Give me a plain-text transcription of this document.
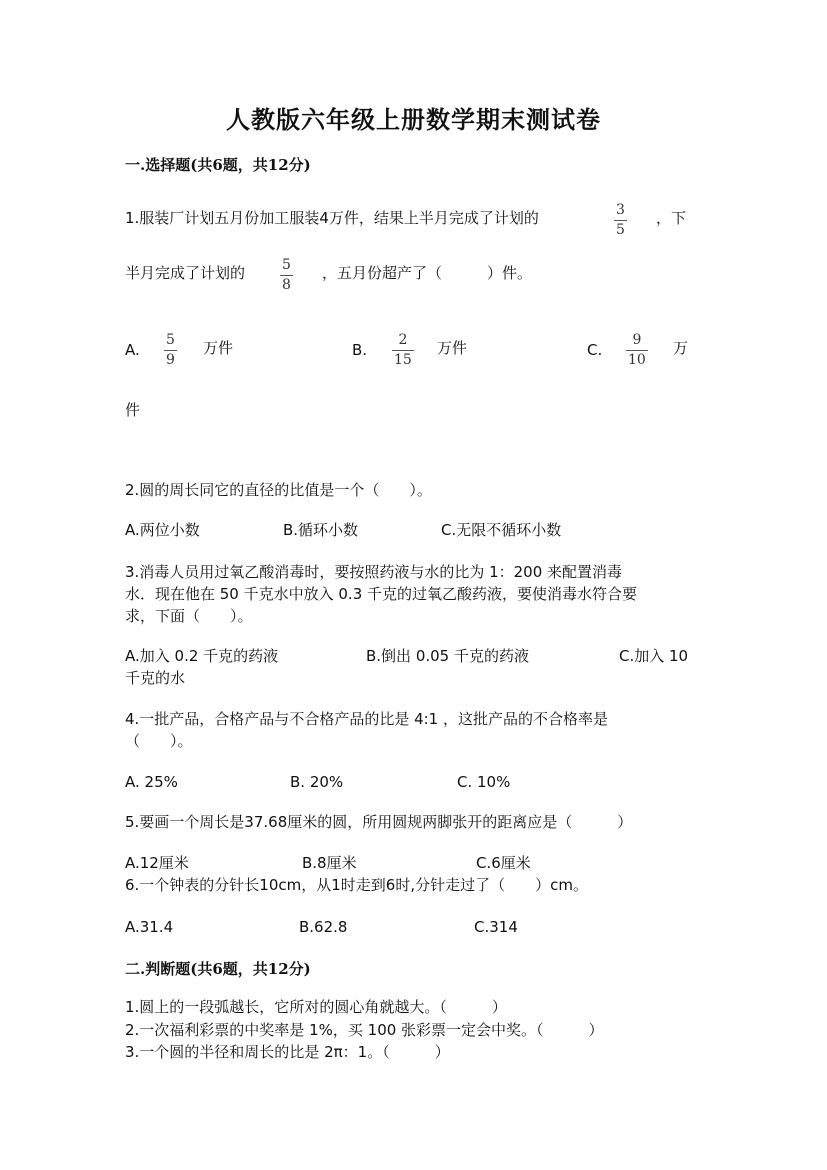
人教版六年级上册数学期末测试卷
一.选择题(共6题，共12分)
1.服装厂计划五月份加工服装4万件，结果上半月完成了计划的	3
5
，下
半月完成了计划的	5
8
，五月份超产了（　　　）件。
A.
5
9
万件	B.
2
15
万件	C.
9
10
万
件
2.圆的周长同它的直径的比值是一个（　　）。
A.两位小数	B.循环小数	C.无限不循环小数
3.消毒人员用过氧乙酸消毒时，要按照药液与水的比为 1：200 来配置消毒
水．现在他在 50 千克水中放入 0.3 千克的过氧乙酸药液，要使消毒水符合要
求，下面（　　）。
A.加入 0.2 千克的药液	B.倒出 0.05 千克的药液	C.加入 10
千克的水
4.一批产品，合格产品与不合格产品的比是 4:1 ，这批产品的不合格率是
（　　）。
A. 25%	B. 20%	C. 10%
5.要画一个周长是37.68厘米的圆，所用圆规两脚张开的距离应是（　　　）
A.12厘米	B.8厘米	C.6厘米
6.一个钟表的分针长10cm，从1时走到6时,分针走过了（　　）cm。
A.31.4	B.62.8	C.314
二.判断题(共6题，共12分)
1.圆上的一段弧越长，它所对的圆心角就越大。（　　　）
2.一次福利彩票的中奖率是 1%，买 100 张彩票一定会中奖。（　　　）
3.一个圆的半径和周长的比是 2π：1。（　　　）
